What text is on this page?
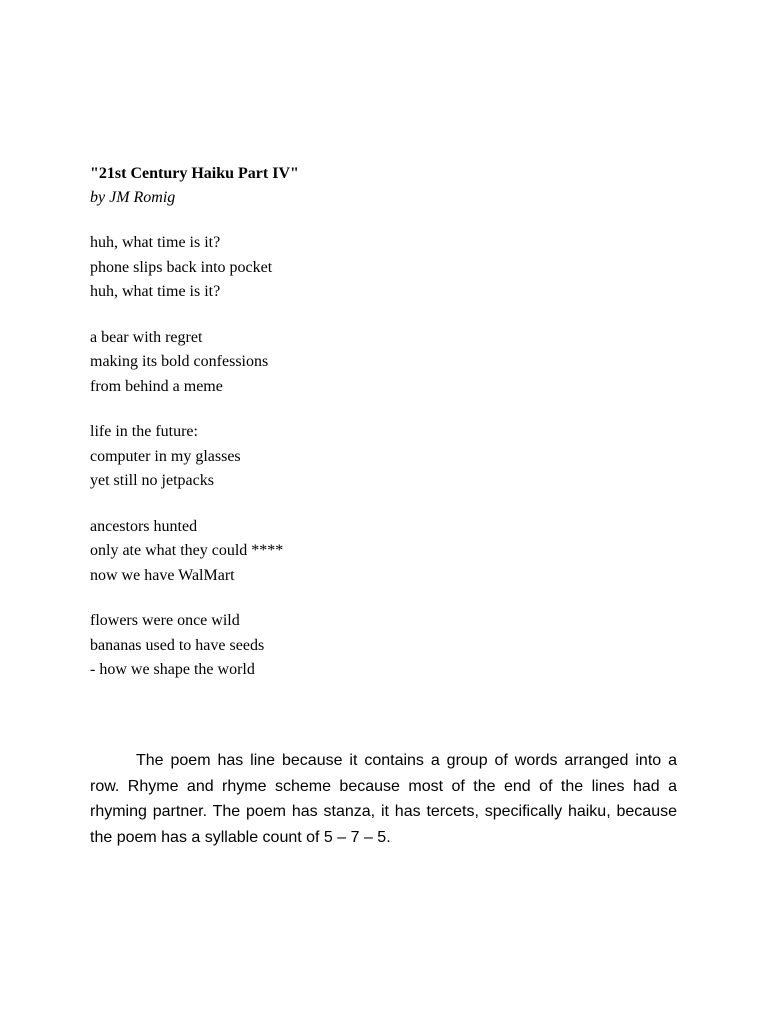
"21st Century Haiku Part IV"
by JM Romig
huh, what time is it?
phone slips back into pocket
huh, what time is it?
a bear with regret
making its bold confessions
from behind a meme
life in the future:
computer in my glasses
yet still no jetpacks
ancestors hunted
only ate what they could ****
now we have WalMart
flowers were once wild
bananas used to have seeds
- how we shape the world

The poem has line because it contains a group of words arranged into a row. Rhyme and rhyme scheme because most of the end of the lines had a rhyming partner. The poem has stanza, it has tercets, specifically haiku, because the poem has a syllable count of 5 – 7 – 5.
